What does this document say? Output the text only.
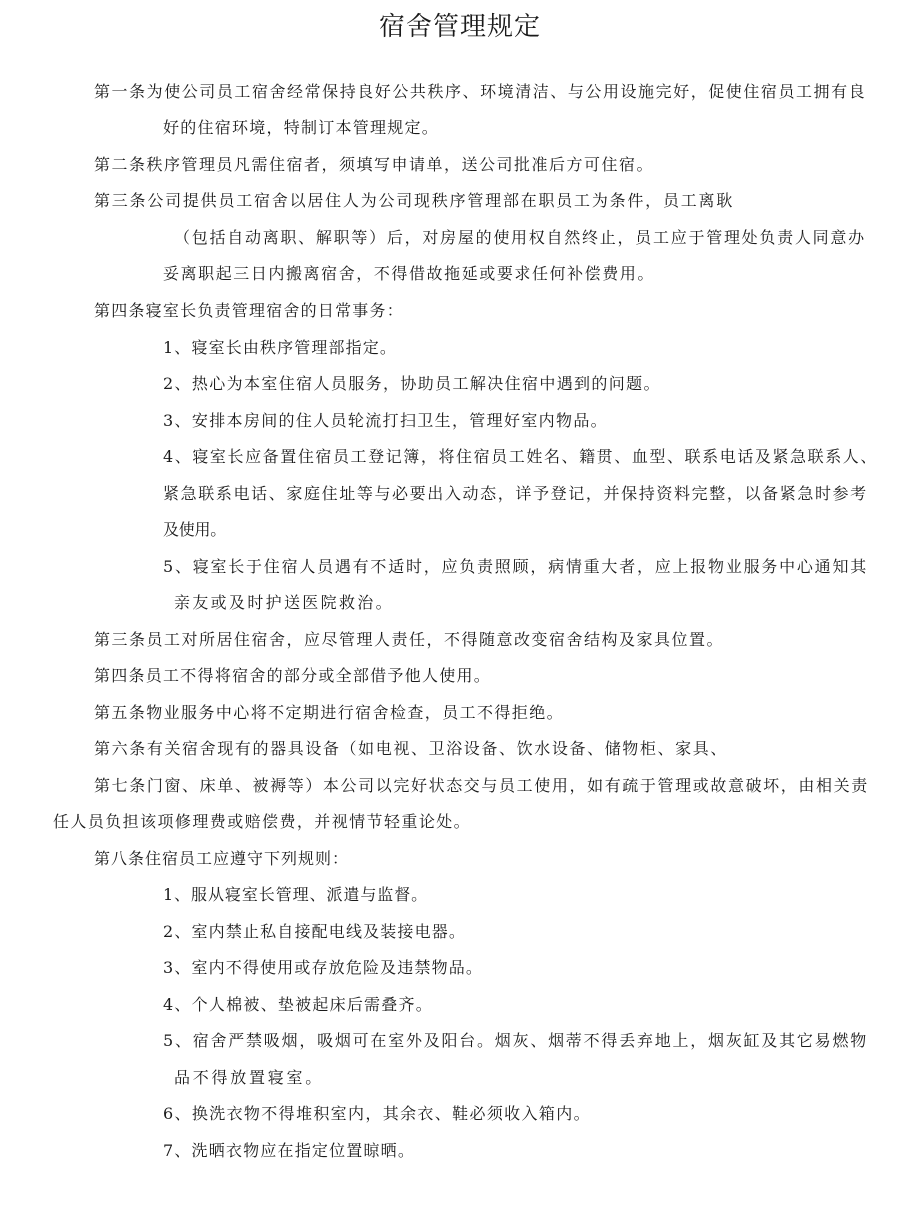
宿舍管理规定
第一条为使公司员工宿舍经常保持良好公共秩序、环境清洁、与公用设施完好，促使住宿员工拥有良
好的住宿环境，特制订本管理规定。
第二条秩序管理员凡需住宿者，须填写申请单，送公司批准后方可住宿。
第三条公司提供员工宿舍以居住人为公司现秩序管理部在职员工为条件，员工离耿
（包括自动离职、解职等）后，对房屋的使用权自然终止，员工应于管理处负责人同意办
妥离职起三日内搬离宿舍，不得借故拖延或要求任何补偿费用。
第四条寝室长负责管理宿舍的日常事务：
1、寝室长由秩序管理部指定。
2、热心为本室住宿人员服务，协助员工解决住宿中遇到的问题。
3、安排本房间的住人员轮流打扫卫生，管理好室内物品。
4、寝室长应备置住宿员工登记簿，将住宿员工姓名、籍贯、血型、联系电话及紧急联系人、
紧急联系电话、家庭住址等与必要出入动态，详予登记，并保持资料完整，以备紧急时参考
及使用。
5、寝室长于住宿人员遇有不适时，应负责照顾，病情重大者，应上报物业服务中心通知其
亲友或及时护送医院救治。
第三条员工对所居住宿舍，应尽管理人责任，不得随意改变宿舍结构及家具位置。
第四条员工不得将宿舍的部分或全部借予他人使用。
第五条物业服务中心将不定期进行宿舍检查，员工不得拒绝。
第六条有关宿舍现有的器具设备（如电视、卫浴设备、饮水设备、储物柜、家具、
第七条门窗、床单、被褥等）本公司以完好状态交与员工使用，如有疏于管理或故意破坏，由相关责
任人员负担该项修理费或赔偿费，并视情节轻重论处。
第八条住宿员工应遵守下列规则：
1、服从寝室长管理、派遣与监督。
2、室内禁止私自接配电线及装接电器。
3、室内不得使用或存放危险及违禁物品。
4、个人棉被、垫被起床后需叠齐。
5、宿舍严禁吸烟，吸烟可在室外及阳台。烟灰、烟蒂不得丢弃地上，烟灰缸及其它易燃物
品不得放置寝室。
6、换洗衣物不得堆积室内，其余衣、鞋必须收入箱内。
7、洗晒衣物应在指定位置晾晒。
